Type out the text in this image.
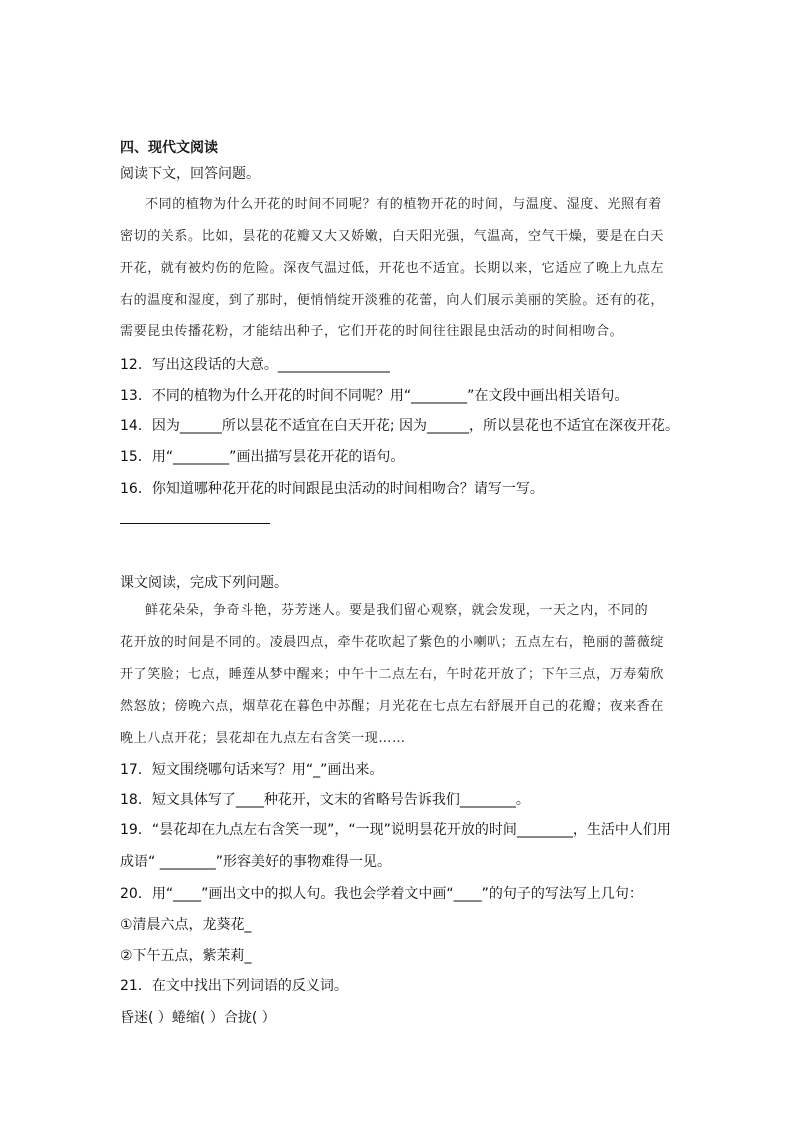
四、现代文阅读
阅读下文，回答问题。
不同的植物为什么开花的时间不同呢？有的植物开花的时间，与温度、湿度、光照有着
密切的关系。比如，昙花的花瓣又大又娇嫩，白天阳光强，气温高，空气干燥，要是在白天
开花，就有被灼伤的危险。深夜气温过低，开花也不适宜。长期以来，它适应了晚上九点左
右的温度和湿度，到了那时，便悄悄绽开淡雅的花蕾，向人们展示美丽的笑脸。还有的花，
需要昆虫传播花粉，才能结出种子，它们开花的时间往往跟昆虫活动的时间相吻合。
12．写出这段话的大意。________________
13．不同的植物为什么开花的时间不同呢？用“________”在文段中画出相关语句。
14．因为______所以昙花不适宜在白天开花; 因为______，所以昙花也不适宜在深夜开花。
15．用“________”画出描写昙花开花的语句。
16．你知道哪种花开花的时间跟昆虫活动的时间相吻合？请写一写。
课文阅读，完成下列问题。
鲜花朵朵，争奇斗艳，芬芳迷人。要是我们留心观察，就会发现，一天之内，不同的
花开放的时间是不同的。凌晨四点，牵牛花吹起了紫色的小喇叭；五点左右，艳丽的蔷薇绽
开了笑脸；七点，睡莲从梦中醒来；中午十二点左右，午时花开放了；下午三点，万寿菊欣
然怒放；傍晚六点，烟草花在暮色中苏醒；月光花在七点左右舒展开自己的花瓣；夜来香在
晚上八点开花；昙花却在九点左右含笑一现……
17．短文围绕哪句话来写？用“_”画出来。
18．短文具体写了____种花开，文末的省略号告诉我们________。
19．“昙花却在九点左右含笑一现”，“一现”说明昙花开放的时间________，生活中人们用
成语“ ________”形容美好的事物难得一见。
20．用“____”画出文中的拟人句。我也会学着文中画“____”的句子的写法写上几句：
①清晨六点，龙葵花_
②下午五点，紫茉莉_
21．在文中找出下列词语的反义词。
昏迷( ）蜷缩( ）合拢( ）
